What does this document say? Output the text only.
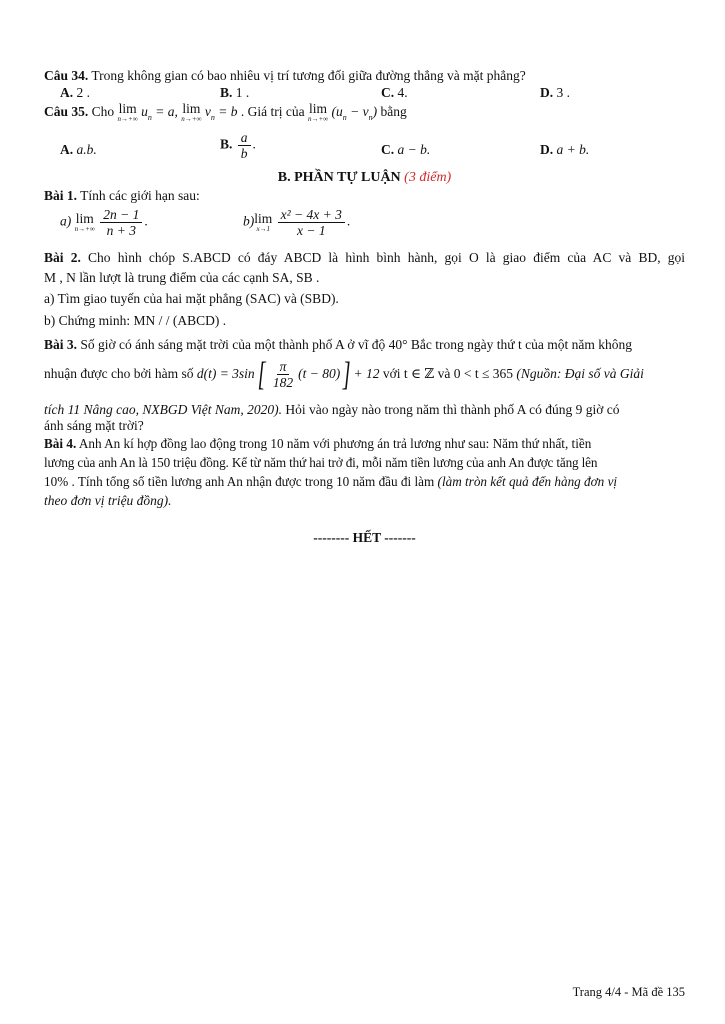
Câu 34. Trong không gian có bao nhiêu vị trí tương đối giữa đường thẳng và mặt phẳng?
A. 2 .	B. 1 .	C. 4.	D. 3 .
Câu 35. Cho lim
n→+∞ $u_n = a$, lim
n→+∞ $v_n = b$ . Giá trị của lim
n→+∞ $(u_n - v_n)$ bằng
A. a.b.	B. $\frac{a}{b}$ .	C. a − b.	D. a + b.
B. PHẦN TỰ LUẬN (3 điểm)
Bài 1. Tính các giới hạn sau:
a) lim
n→+∞
$\frac{2n - 1}{n + 3}$ .	b) lim
x→1
$\frac{\text{x² − 4x + 3}}{x - 1}$ .
Bài 2. Cho hình chóp S.ABCD có đáy ABCD là hình bình hành, gọi O là giao điểm của AC và BD, gọi
M , N lần lượt là trung điểm của các cạnh SA, SB .
a) Tìm giao tuyến của hai mặt phẳng (SAC) và (SBD).
b) Chứng minh: MN / / (ABCD) .
Bài 3. Số giờ có ánh sáng mặt trời của một thành phố A ở vĩ độ 40° Bắc trong ngày thứ t của một năm không
nhuận được cho bởi hàm số $d(t) = 3\sin[ \frac{\pi}{182} (t - 80)] + 12$ với t ∈ ℤ và 0 < t ≤ 365 (Nguồn: Đại số và Giải
tích 11 Nâng cao, NXBGD Việt Nam, 2020). Hỏi vào ngày nào trong năm thì thành phố A có đúng 9 giờ có
ánh sáng mặt trời?
Bài 4. Anh An kí hợp đồng lao động trong 10 năm với phương án trả lương như sau: Năm thứ nhất, tiền
lương của anh An là 150 triệu đồng. Kể từ năm thứ hai trở đi, mỗi năm tiền lương của anh An được tăng lên
10% . Tính tổng số tiền lương anh An nhận được trong 10 năm đầu đi làm (làm tròn kết quả đến hàng đơn vị
theo đơn vị triệu đồng).
-------- HẾT -------
Trang 4/4 - Mã đề 135
